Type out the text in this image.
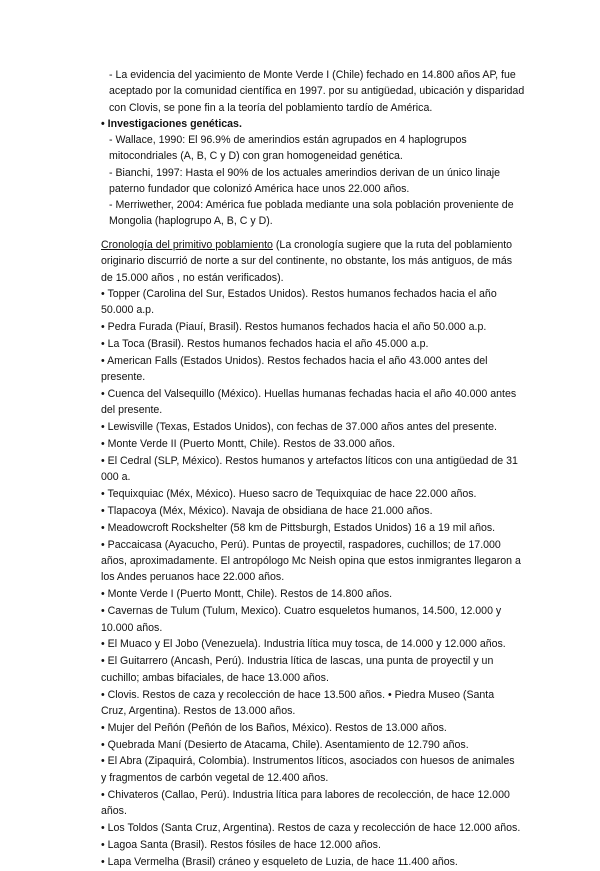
- La evidencia del yacimiento de Monte Verde I (Chile) fechado en 14.800 años AP, fue aceptado por la comunidad científica en 1997. por su antigüedad, ubicación y disparidad con Clovis, se pone fin a la teoría del poblamiento tardío de América.

• Investigaciones genéticas.

- Wallace, 1990: El 96.9% de amerindios están agrupados en 4 haplogrupos mitocondriales (A, B, C y D) con gran homogeneidad genética.

- Bianchi, 1997: Hasta el 90% de los actuales amerindios derivan de un único linaje paterno fundador que colonizó América hace unos 22.000 años.

- Merriwether, 2004: América fue poblada mediante una sola población proveniente de Mongolia (haplogrupo A, B, C y D).

Cronología del primitivo poblamiento (La cronología sugiere que la ruta del poblamiento originario discurrió de norte a sur del continente, no obstante, los más antiguos, de más de 15.000 años , no están verificados).

• Topper (Carolina del Sur, Estados Unidos). Restos humanos fechados hacia el año 50.000 a.p.

• Pedra Furada (Piauí, Brasil). Restos humanos fechados hacia el año 50.000 a.p.

• La Toca (Brasil). Restos humanos fechados hacia el año 45.000 a.p.

• American Falls (Estados Unidos). Restos fechados hacia el año 43.000 antes del presente.

• Cuenca del Valsequillo (México). Huellas humanas fechadas hacia el año 40.000 antes del presente.

• Lewisville (Texas, Estados Unidos), con fechas de 37.000 años antes del presente.

• Monte Verde II (Puerto Montt, Chile). Restos de 33.000 años.

• El Cedral (SLP, México). Restos humanos y artefactos líticos con una antigüedad de 31 000 a.

• Tequixquiac (Méx, México). Hueso sacro de Tequixquiac de hace 22.000 años.

• Tlapacoya (Méx, México). Navaja de obsidiana de hace 21.000 años.

• Meadowcroft Rockshelter (58 km de Pittsburgh, Estados Unidos) 16 a 19 mil años.

• Paccaicasa (Ayacucho, Perú). Puntas de proyectil, raspadores, cuchillos; de 17.000 años, aproximadamente. El antropólogo Mc Neish opina que estos inmigrantes llegaron a los Andes peruanos hace 22.000 años.

• Monte Verde I (Puerto Montt, Chile). Restos de 14.800 años.

• Cavernas de Tulum (Tulum, Mexico). Cuatro esqueletos humanos, 14.500, 12.000 y 10.000 años.

• El Muaco y El Jobo (Venezuela). Industria lítica muy tosca, de 14.000 y 12.000 años.

• El Guitarrero (Ancash, Perú). Industria lítica de lascas, una punta de proyectil y un cuchillo; ambas bifaciales, de hace 13.000 años.

• Clovis. Restos de caza y recolección de hace 13.500 años. • Piedra Museo (Santa Cruz, Argentina). Restos de 13.000 años.

• Mujer del Peñón (Peñón de los Baños, México). Restos de 13.000 años.

• Quebrada Maní (Desierto de Atacama, Chile). Asentamiento de 12.790 años.

• El Abra (Zipaquirá, Colombia). Instrumentos líticos, asociados con huesos de animales y fragmentos de carbón vegetal de 12.400 años.

• Chivateros (Callao, Perú). Industria lítica para labores de recolección, de hace 12.000 años.

• Los Toldos (Santa Cruz, Argentina). Restos de caza y recolección de hace 12.000 años.

• Lagoa Santa (Brasil). Restos fósiles de hace 12.000 años.

• Lapa Vermelha (Brasil) cráneo y esqueleto de Luzia, de hace 11.400 años.
